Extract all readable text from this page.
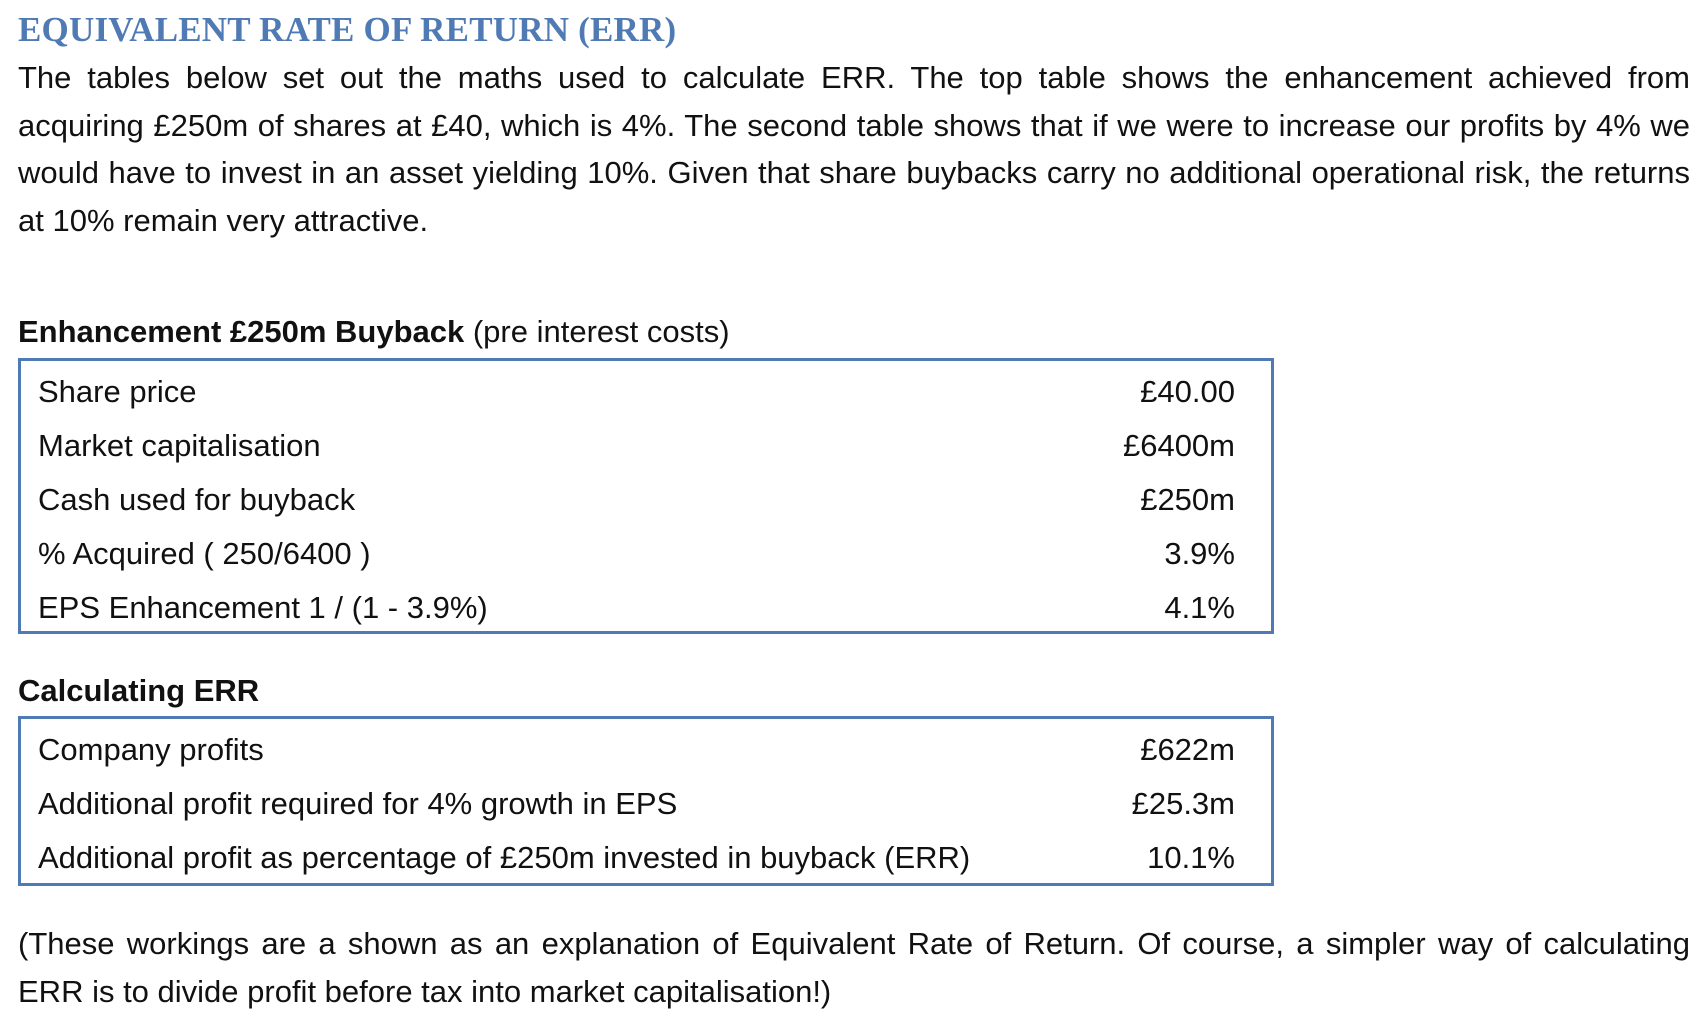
EQUIVALENT RATE OF RETURN (ERR)

The tables below set out the maths used to calculate ERR. The top table shows the enhancement achieved from acquiring £250m of shares at £40, which is 4%. The second table shows that if we were to increase our profits by 4% we would have to invest in an asset yielding 10%. Given that share buybacks carry no additional operational risk, the returns at 10% remain very attractive.

Enhancement £250m Buyback (pre interest costs)
Share price	£40.00
Market capitalisation	£6400m
Cash used for buyback	£250m
% Acquired ( 250/6400 )	3.9%
EPS Enhancement 1 / (1 - 3.9%)	4.1%
Calculating ERR
Company profits	£622m
Additional profit required for 4% growth in EPS	£25.3m
Additional profit as percentage of £250m invested in buyback (ERR)	10.1%

(These workings are a shown as an explanation of Equivalent Rate of Return. Of course, a simpler way of calculating ERR is to divide profit before tax into market capitalisation!)
